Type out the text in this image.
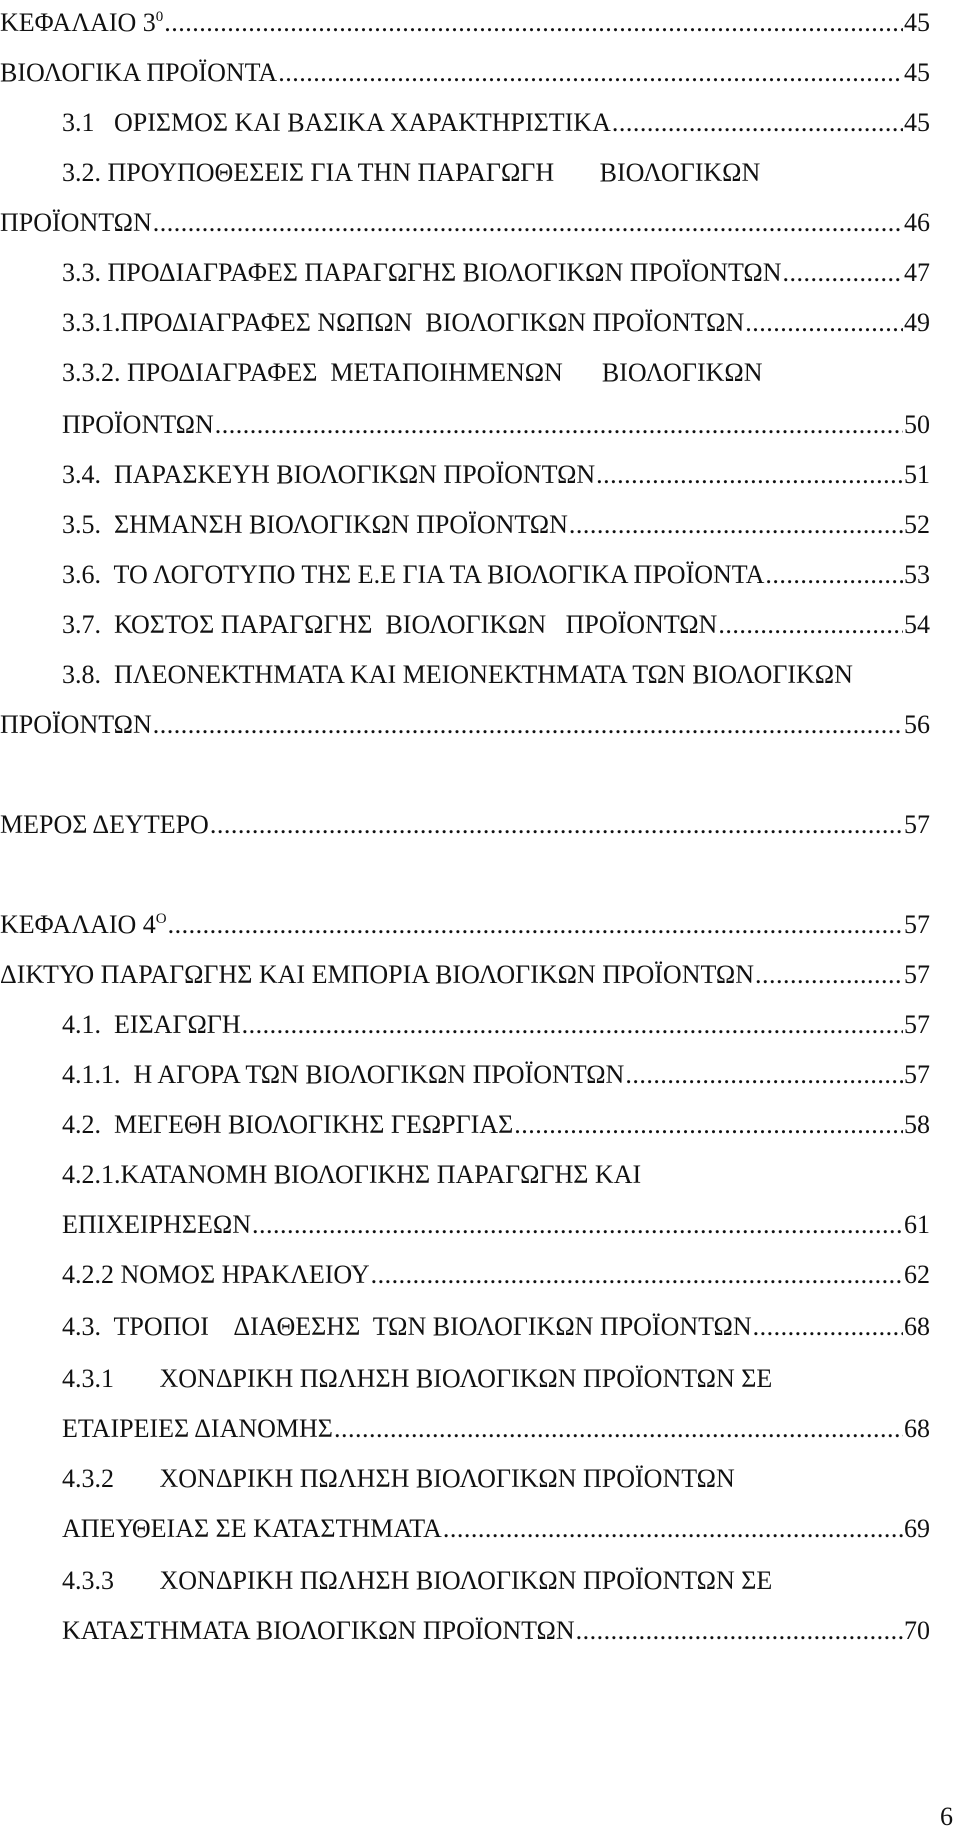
ΚΕΦΑΛΑΙΟ $3^0$ .....	45
ΒΙΟΛΟΓΙΚΑ ΠΡΟΪΟΝΤΑ .....	45
3.1   ΟΡΙΣΜΟΣ ΚΑΙ ΒΑΣΙΚΑ ΧΑΡΑΚΤΗΡΙΣΤΙΚΑ .....	45
3.2. ΠΡΟΥΠΟΘΕΣΕΙΣ ΓΙΑ ΤΗΝ ΠΑΡΑΓΩΓΗ       ΒΙΟΛΟΓΙΚΩΝ
ΠΡΟΪΟΝΤΩΝ .....	46
3.3. ΠΡΟΔΙΑΓΡΑΦΕΣ ΠΑΡΑΓΩΓΗΣ ΒΙΟΛΟΓΙΚΩΝ ΠΡΟΪΟΝΤΩΝ .....	47
3.3.1.ΠΡΟΔΙΑΓΡΑΦΕΣ ΝΩΠΩΝ  ΒΙΟΛΟΓΙΚΩΝ ΠΡΟΪΟΝΤΩΝ .....	49
3.3.2. ΠΡΟΔΙΑΓΡΑΦΕΣ  ΜΕΤΑΠΟΙΗΜΕΝΩΝ      ΒΙΟΛΟΓΙΚΩΝ
ΠΡΟΪΟΝΤΩΝ .....	50
3.4.  ΠΑΡΑΣΚΕΥΗ ΒΙΟΛΟΓΙΚΩΝ ΠΡΟΪΟΝΤΩΝ .....	51
3.5.  ΣΗΜΑΝΣΗ ΒΙΟΛΟΓΙΚΩΝ ΠΡΟΪΟΝΤΩΝ .....	52
3.6.  ΤΟ ΛΟΓΟΤΥΠΟ ΤΗΣ Ε.Ε ΓΙΑ ΤΑ ΒΙΟΛΟΓΙΚΑ ΠΡΟΪΟΝΤΑ .....	53
3.7.  ΚΟΣΤΟΣ ΠΑΡΑΓΩΓΗΣ  ΒΙΟΛΟΓΙΚΩΝ   ΠΡΟΪΟΝΤΩΝ .....	54
3.8.  ΠΛΕΟΝΕΚΤΗΜΑΤΑ ΚΑΙ ΜΕΙΟΝΕΚΤΗΜΑΤΑ ΤΩΝ ΒΙΟΛΟΓΙΚΩΝ
ΠΡΟΪΟΝΤΩΝ .....	56
ΜΕΡΟΣ ΔΕΥΤΕΡΟ .....	57
ΚΕΦΑΛΑΙΟ $4^O$ .....	57
ΔΙΚΤΥΟ ΠΑΡΑΓΩΓΗΣ ΚΑΙ ΕΜΠΟΡΙΑ ΒΙΟΛΟΓΙΚΩΝ ΠΡΟΪΟΝΤΩΝ .....	57
4.1.  ΕΙΣΑΓΩΓΗ .....	57
4.1.1.  Η ΑΓΟΡΑ ΤΩΝ ΒΙΟΛΟΓΙΚΩΝ ΠΡΟΪΟΝΤΩΝ .....	57
4.2.  ΜΕΓΕΘΗ ΒΙΟΛΟΓΙΚΗΣ ΓΕΩΡΓΙΑΣ .....	58
4.2.1.ΚΑΤΑΝΟΜΗ ΒΙΟΛΟΓΙΚΗΣ ΠΑΡΑΓΩΓΗΣ ΚΑΙ
ΕΠΙΧΕΙΡΗΣΕΩΝ .....	61
4.2.2 ΝΟΜΟΣ ΗΡΑΚΛΕΙΟΥ .....	62
4.3.  ΤΡΟΠΟΙ    ΔΙΑΘΕΣΗΣ  ΤΩΝ ΒΙΟΛΟΓΙΚΩΝ ΠΡΟΪΟΝΤΩΝ .....	68
4.3.1       ΧΟΝΔΡΙΚΗ ΠΩΛΗΣΗ ΒΙΟΛΟΓΙΚΩΝ ΠΡΟΪΟΝΤΩΝ ΣΕ
ΕΤΑΙΡΕΙΕΣ ΔΙΑΝΟΜΗΣ .....	68
4.3.2       ΧΟΝΔΡΙΚΗ ΠΩΛΗΣΗ ΒΙΟΛΟΓΙΚΩΝ ΠΡΟΪΟΝΤΩΝ
ΑΠΕΥΘΕΙΑΣ ΣΕ ΚΑΤΑΣΤΗΜΑΤΑ .....	69
4.3.3       ΧΟΝΔΡΙΚΗ ΠΩΛΗΣΗ ΒΙΟΛΟΓΙΚΩΝ ΠΡΟΪΟΝΤΩΝ ΣΕ
ΚΑΤΑΣΤΗΜΑΤΑ ΒΙΟΛΟΓΙΚΩΝ ΠΡΟΪΟΝΤΩΝ .....	70
6
